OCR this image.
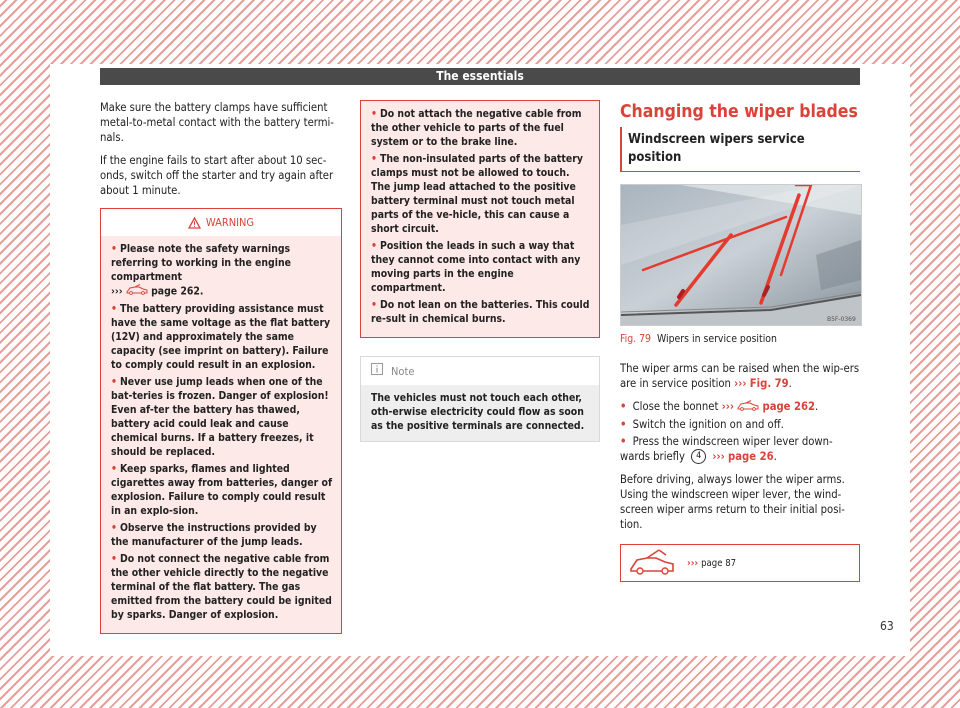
The essentials

Make sure the battery clamps have sufficient metal-to-metal contact with the battery termi-nals.

If the engine fails to start after about 10 sec-onds, switch off the starter and try again after about 1 minute.

WARNING
• Please note the safety warnings referring to working in the engine compartment
›››	page 262.
• The battery providing assistance must have the same voltage as the flat battery (12V) and approximately the same capacity (see imprint on battery). Failure to comply could result in an explosion.
• Never use jump leads when one of the bat-teries is frozen. Danger of explosion! Even af-ter the battery has thawed, battery acid could leak and cause chemical burns. If a battery freezes, it should be replaced.
• Keep sparks, flames and lighted cigarettes away from batteries, danger of explosion. Failure to comply could result in an explo-sion.
• Observe the instructions provided by the manufacturer of the jump leads.
• Do not connect the negative cable from the other vehicle directly to the negative terminal of the flat battery. The gas emitted from the battery could be ignited by sparks. Danger of explosion.
• Do not attach the negative cable from the other vehicle to parts of the fuel system or to the brake line.
• The non-insulated parts of the battery clamps must not be allowed to touch. The jump lead attached to the positive battery terminal must not touch metal parts of the ve-hicle, this can cause a short circuit.
• Position the leads in such a way that they cannot come into contact with any moving parts in the engine compartment.
• Do not lean on the batteries. This could re-sult in chemical burns.
Note
The vehicles must not touch each other, oth-erwise electricity could flow as soon as the positive terminals are connected.
Changing the wiper blades
Windscreen wipers service position
B5F-0369
Fig. 79 Wipers in service position

The wiper arms can be raised when the wip-ers are in service position ››› Fig. 79.

• Close the bonnet ›››	page 262.
• Switch the ignition on and off.
• Press the windscreen wiper lever down-wards briefly 4 ››› page 26.

Before driving, always lower the wiper arms. Using the windscreen wiper lever, the wind-screen wiper arms return to their initial posi-tion.

››› page 87
63
